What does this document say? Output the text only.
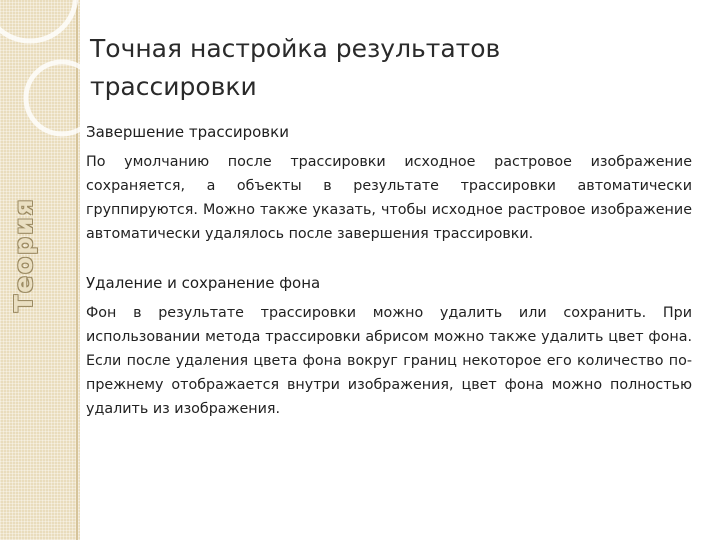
Теория
Точная настройка результатов трассировки

Завершение трассировки

По умолчанию после трассировки исходное растровое изображение сохраняется, а объекты в результате трассировки автоматически группируются. Можно также указать, чтобы исходное растровое изображение автоматически удалялось после завершения трассировки.

Удаление и сохранение фона

Фон в результате трассировки можно удалить или сохранить. При использовании метода трассировки абрисом можно также удалить цвет фона. Если после удаления цвета фона вокруг границ некоторое его количество по-прежнему отображается внутри изображения, цвет фона можно полностью удалить из изображения.
